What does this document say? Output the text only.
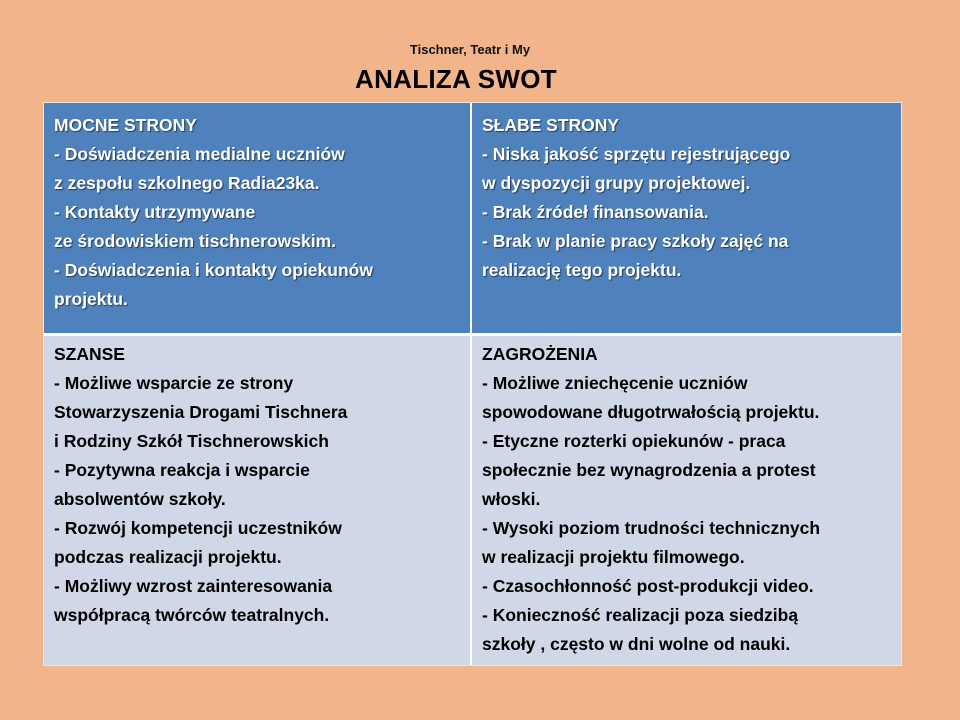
Tischner, Teatr i My
ANALIZA SWOT
MOCNE STRONY
- Doświadczenia medialne uczniów
z zespołu szkolnego Radia23ka.
- Kontakty utrzymywane
ze środowiskiem tischnerowskim.
- Doświadczenia i kontakty opiekunów
projektu.
SŁABE STRONY
- Niska jakość sprzętu rejestrującego
w dyspozycji grupy projektowej.
- Brak źródeł finansowania.
- Brak w planie pracy szkoły zajęć na
realizację tego projektu.
SZANSE
- Możliwe wsparcie ze strony
Stowarzyszenia Drogami Tischnera
i Rodziny Szkół Tischnerowskich
- Pozytywna reakcja i wsparcie
absolwentów szkoły.
- Rozwój kompetencji uczestników
podczas realizacji projektu.
- Możliwy wzrost zainteresowania
współpracą twórców teatralnych.
ZAGROŻENIA
- Możliwe zniechęcenie uczniów
spowodowane długotrwałością projektu.
- Etyczne rozterki opiekunów - praca
społecznie bez wynagrodzenia a protest
włoski.
- Wysoki poziom trudności technicznych
w realizacji projektu filmowego.
- Czasochłonność post-produkcji video.
- Konieczność realizacji poza siedzibą
szkoły , często w dni wolne od nauki.
